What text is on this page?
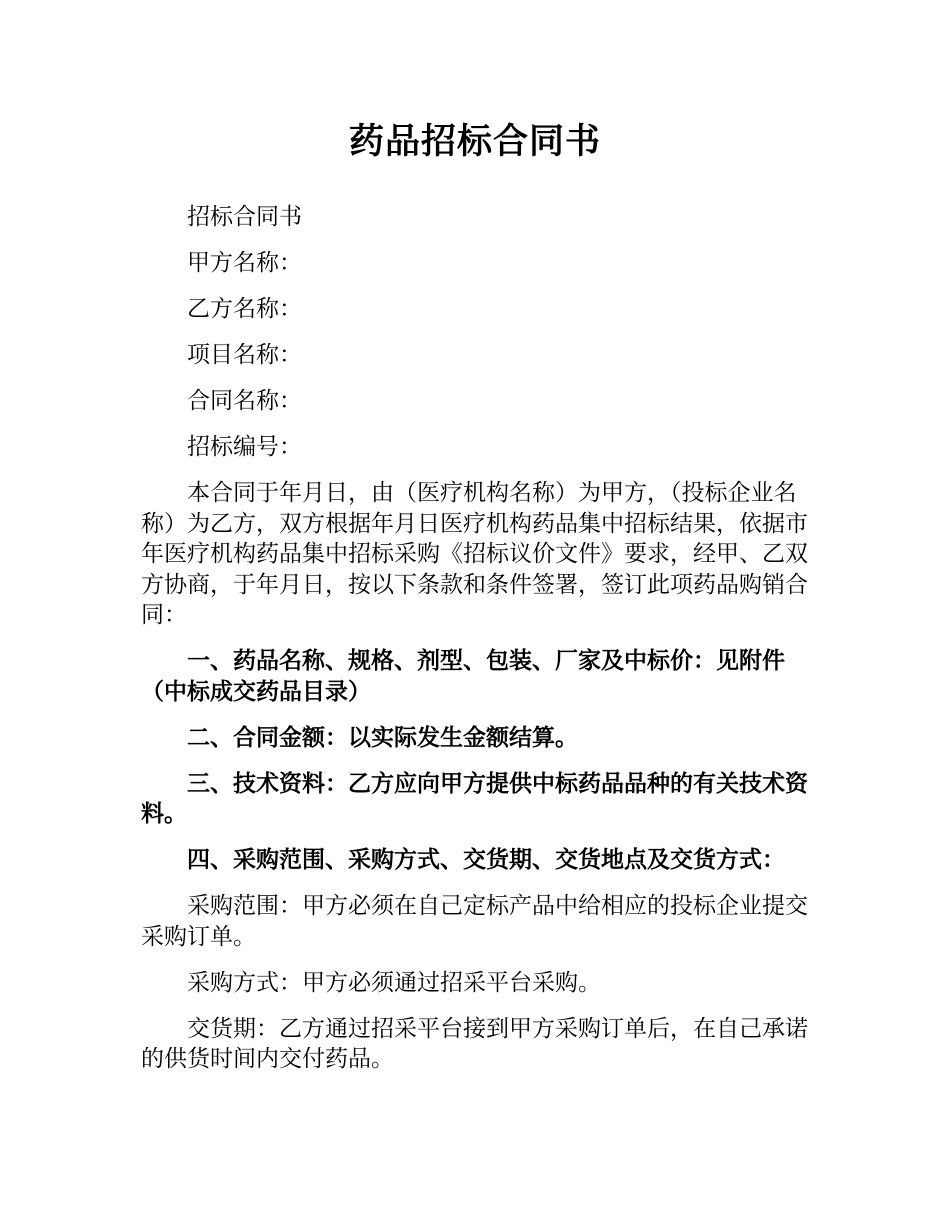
药品招标合同书

招标合同书

甲方名称：

乙方名称：

项目名称：

合同名称：

招标编号：

本合同于年月日，由（医疗机构名称）为甲方，（投标企业名称）为乙方，双方根据年月日医疗机构药品集中招标结果，依据市年医疗机构药品集中招标采购《招标议价文件》要求，经甲、乙双方协商，于年月日，按以下条款和条件签署，签订此项药品购销合同：

一、药品名称、规格、剂型、包装、厂家及中标价：见附件（中标成交药品目录）

二、合同金额：以实际发生金额结算。

三、技术资料：乙方应向甲方提供中标药品品种的有关技术资料。

四、采购范围、采购方式、交货期、交货地点及交货方式：

采购范围：甲方必须在自己定标产品中给相应的投标企业提交采购订单。

采购方式：甲方必须通过招采平台采购。

交货期：乙方通过招采平台接到甲方采购订单后，在自己承诺的供货时间内交付药品。
